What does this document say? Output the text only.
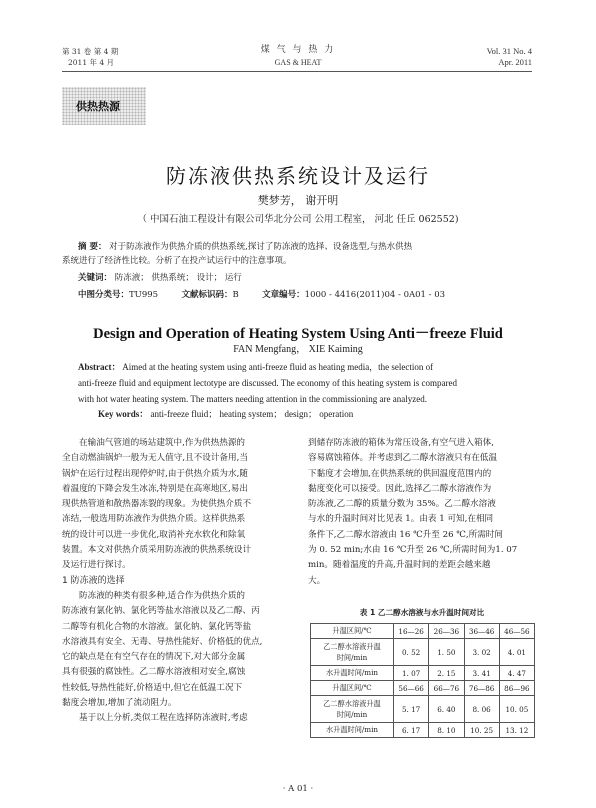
第 31 卷 第 4 期
2011 年 4 月
煤 气 与 热 力
GAS & HEAT
Vol. 31 No. 4
Apr. 2011
供热热源
防冻液供热系统设计及运行
樊梦芳， 谢开明
（ 中国石油工程设计有限公司华北分公司 公用工程室， 河北 任丘 062552)
摘 要： 对于防冻液作为供热介质的供热系统,探讨了防冻液的选择、设备选型,与热水供热
系统进行了经济性比较。分析了在投产试运行中的注意事项。
关键词： 防冻液； 供热系统； 设计； 运行
中图分类号：TU995	文献标识码：B	文章编号：1000 - 4416(2011)04 - 0A01 - 03
Design and Operation of Heating System Using Anti－freeze Fluid
FAN Mengfang， XIE Kaiming
Abstract： Aimed at the heating system using anti-freeze fluid as heating media，the selection of
anti-freeze fluid and equipment lectotype are discussed. The economy of this heating system is compared
with hot water heating system. The matters needing attention in the commissioning are analyzed.
Key words： anti-freeze fluid； heating system； design； operation
在输油气管道的场站建筑中,作为供热热源的
全自动燃油锅炉一般为无人值守,且不设计备用,当
锅炉在运行过程出现停炉时,由于供热介质为水,随
着温度的下降会发生冰冻,特别是在高寒地区,易出
现供热管道和散热器冻裂的现象。为使供热介质不
冻结,一般选用防冻液作为供热介质。这样供热系
统的设计可以进一步优化,取消补充水软化和除氧
装置。本文对供热介质采用防冻液的供热系统设计
及运行进行探讨。
1 防冻液的选择
防冻液的种类有很多种,适合作为供热介质的
防冻液有氯化钠、氯化钙等盐水溶液以及乙二醇、丙
二醇等有机化合物的水溶液。氯化钠、氯化钙等盐
水溶液具有安全、无毒、导热性能好、价格低的优点,
它的缺点是在有空气存在的情况下,对大部分金属
具有很强的腐蚀性。乙二醇水溶液相对安全,腐蚀
性较低,导热性能好,价格适中,但它在低温工况下
黏度会增加,增加了流动阻力。
基于以上分析,类似工程在选择防冻液时,考虑
到储存防冻液的箱体为常压设备,有空气进入箱体,
容易腐蚀箱体。并考虑到乙二醇水溶液只有在低温
下黏度才会增加,在供热系统的供回温度范围内的
黏度变化可以接受。因此,选择乙二醇水溶液作为
防冻液,乙二醇的质量分数为 35%。乙二醇水溶液
与水的升温时间对比见表 1。由表 1 可知,在相同
条件下,乙二醇水溶液由 16 ℃升至 26 ℃,所需时间
为 0. 52 min;水由 16 ℃升至 26 ℃,所需时间为1. 07
min。随着温度的升高,升温时间的差距会越来越
大。
表 1 乙二醇水溶液与水升温时间对比
升温区间/℃	16—26	26—36	36—46	46—56

乙二醇水溶液升温
时间/min	0. 52	1. 50	3. 02	4. 01

水升温时间/min	1. 07	2. 15	3. 41	4. 47

升温区间/℃	56—66	66—76	76—86	86—96

乙二醇水溶液升温
时间/min	5. 17	6. 40	8. 06	10. 05

水升温时间/min	6. 17	8. 10	10. 25	13. 12
· A 01 ·
